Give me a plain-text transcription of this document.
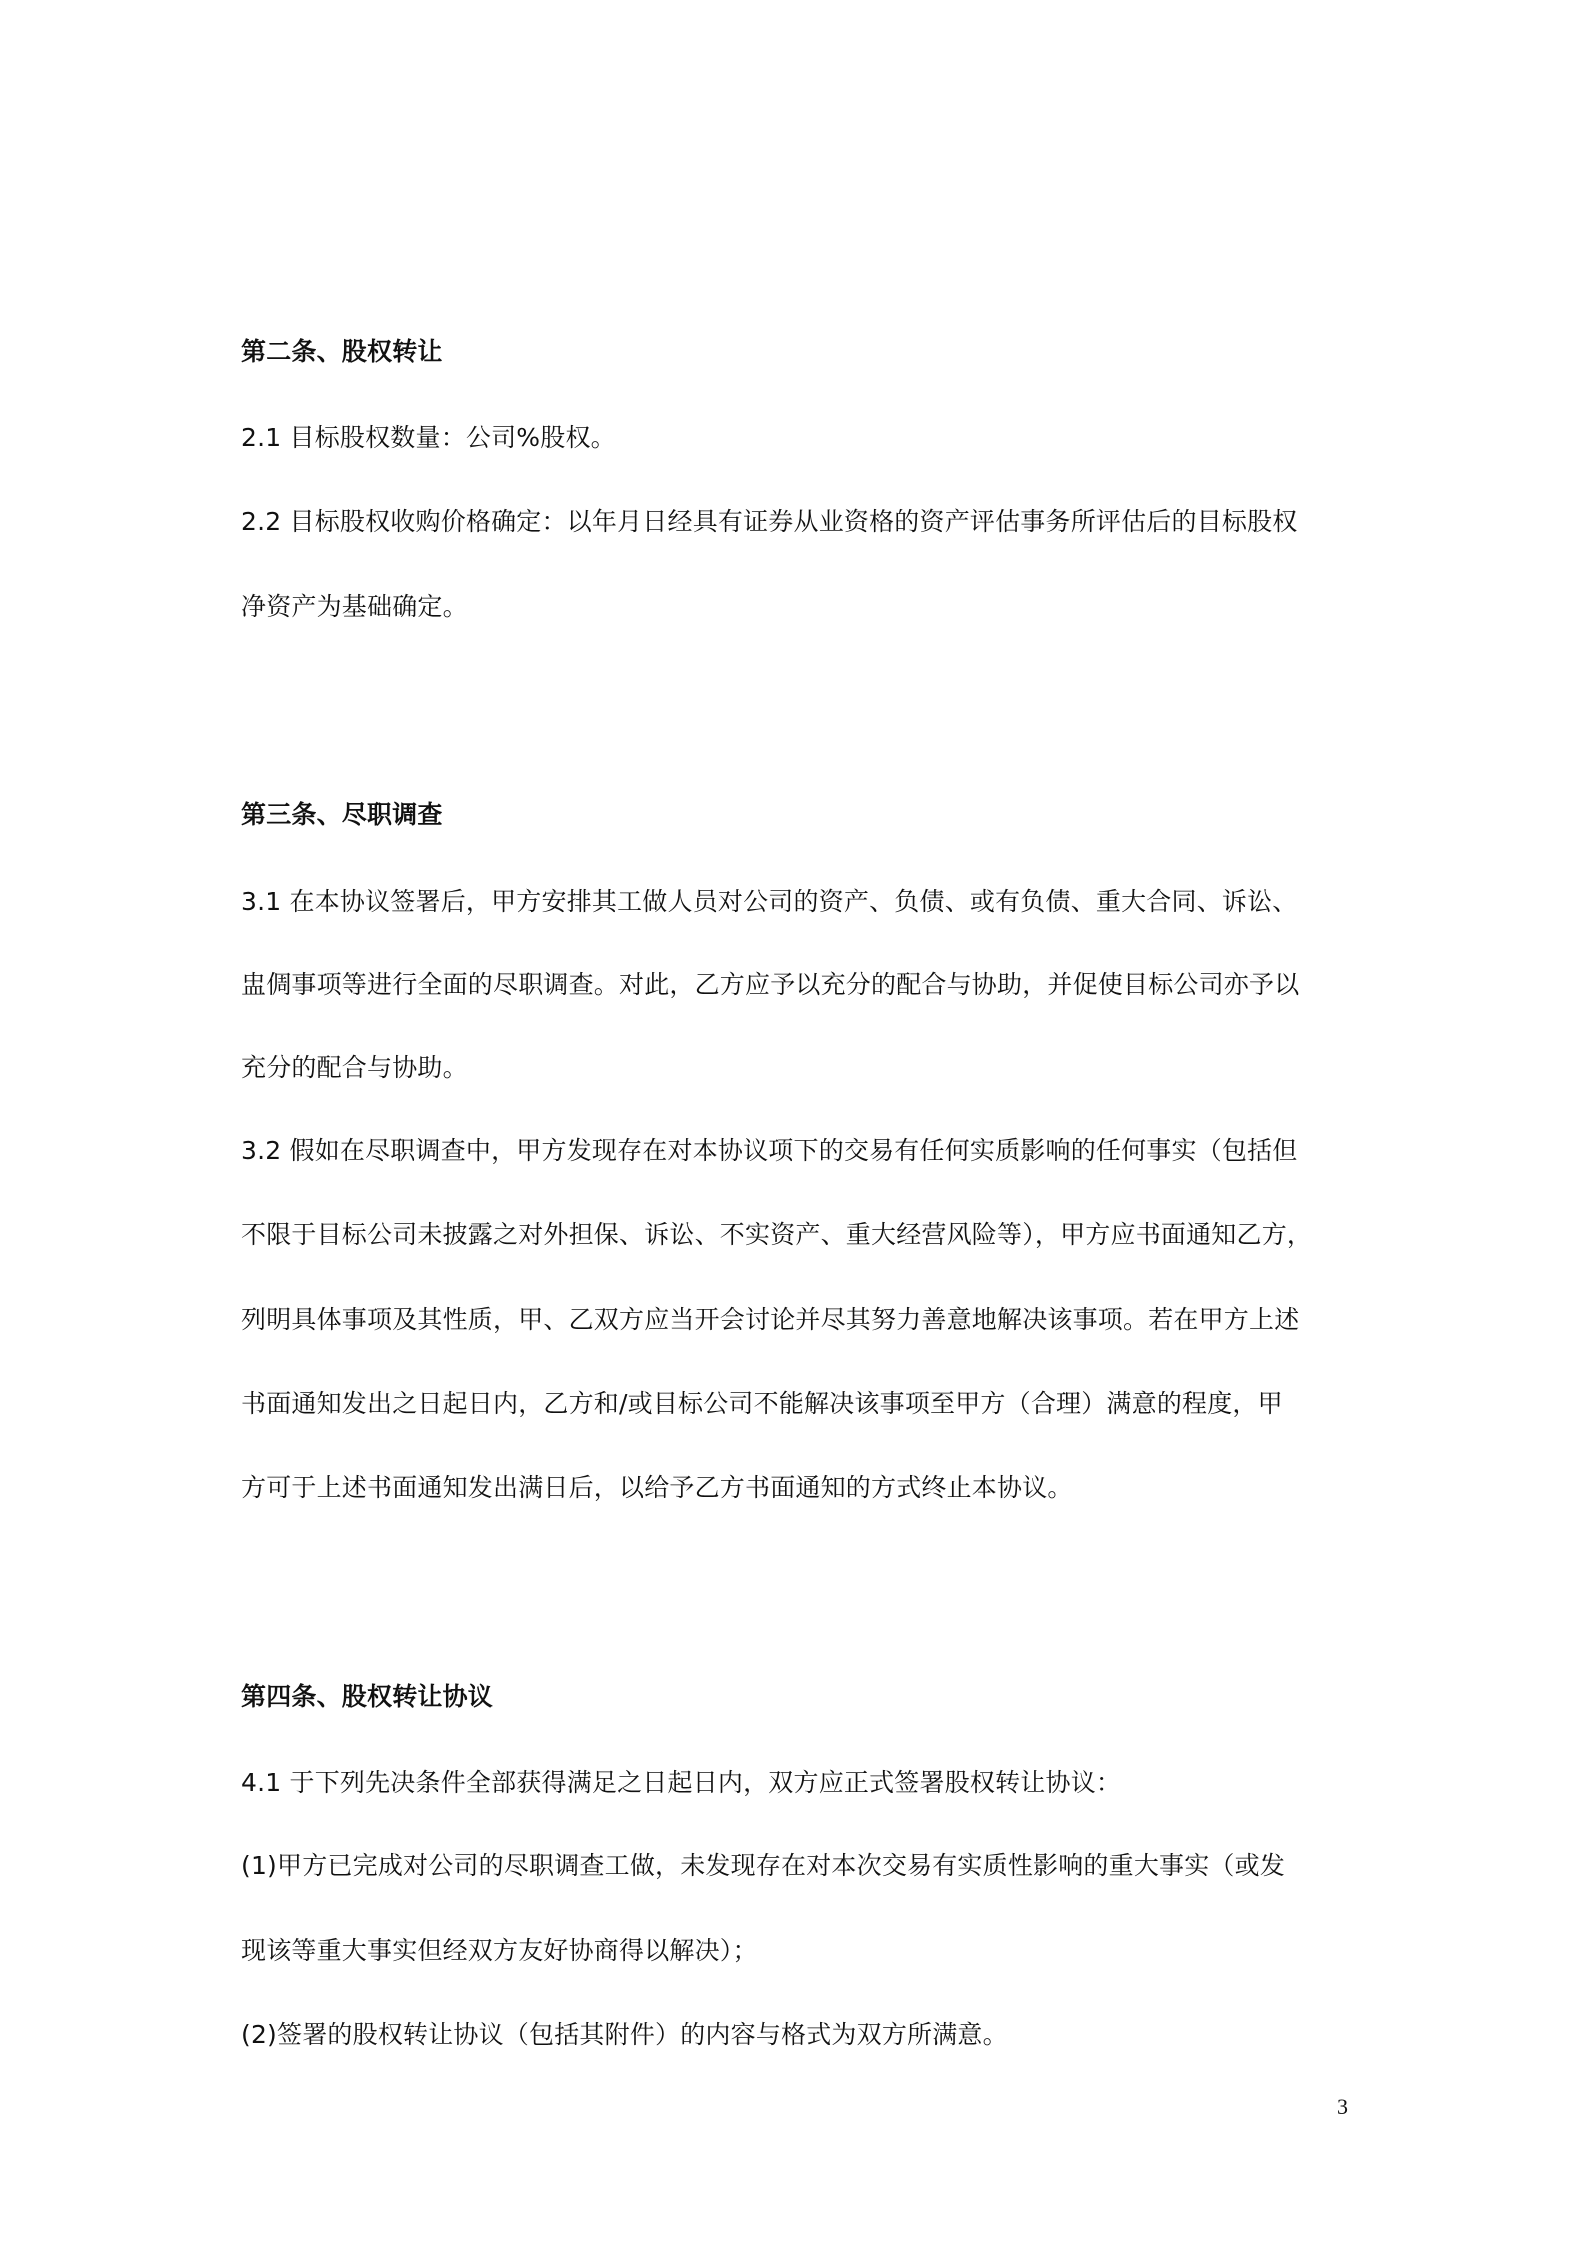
第二条、股权转让
2.1 目标股权数量：公司%股权。
2.2 目标股权收购价格确定：以年月日经具有证券从业资格的资产评估事务所评估后的目标股权
净资产为基础确定。
第三条、尽职调查
3.1 在本协议签署后，甲方安排其工做人员对公司的资产、负债、或有负债、重大合同、诉讼、
盅倜事项等进行全面的尽职调查。对此，乙方应予以充分的配合与协助，并促使目标公司亦予以
充分的配合与协助。
3.2 假如在尽职调查中，甲方发现存在对本协议项下的交易有任何实质影响的任何事实（包括但
不限于目标公司未披露之对外担保、诉讼、不实资产、重大经营风险等），甲方应书面通知乙方，
列明具体事项及其性质，甲、乙双方应当开会讨论并尽其努力善意地解决该事项。若在甲方上述
书面通知发出之日起日内，乙方和/或目标公司不能解决该事项至甲方（合理）满意的程度，甲
方可于上述书面通知发出满日后，以给予乙方书面通知的方式终止本协议。
第四条、股权转让协议
4.1 于下列先决条件全部获得满足之日起日内，双方应正式签署股权转让协议：
(1)甲方已完成对公司的尽职调查工做，未发现存在对本次交易有实质性影响的重大事实（或发
现该等重大事实但经双方友好协商得以解决）；
(2)签署的股权转让协议（包括其附件）的内容与格式为双方所满意。
3
